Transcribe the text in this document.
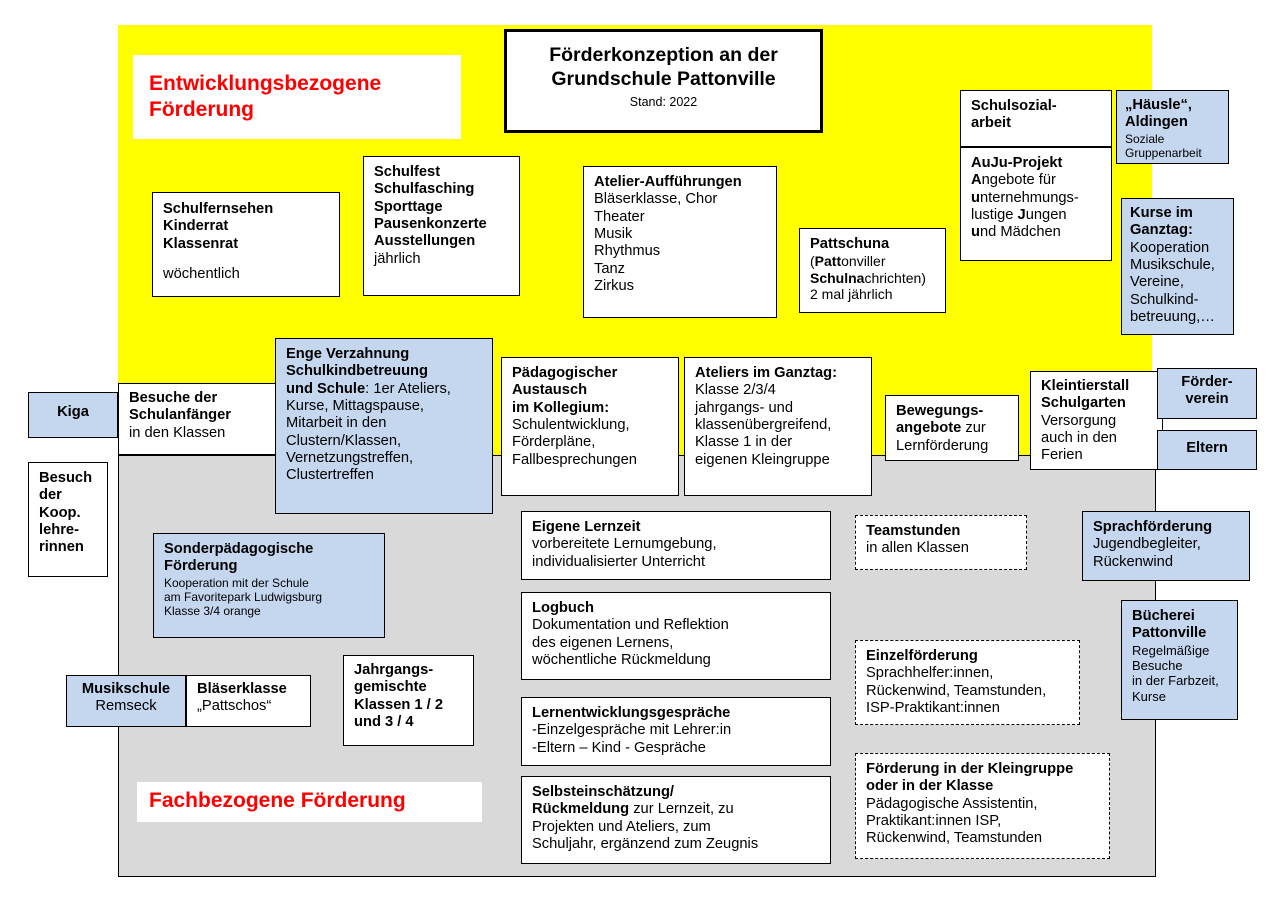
Förderkonzeption an der
Grundschule Pattonville
Stand: 2022
Entwicklungsbezogene
Förderung
Schulfernsehen
Kinderrat
Klassenrat
wöchentlich
Schulfest
Schulfasching
Sporttage
Pausenkonzerte
Ausstellungen
jährlich
Atelier-Aufführungen
Bläserklasse, Chor
Theater
Musik
Rhythmus
Tanz
Zirkus
Pattschuna
(Pattonviller
Schulnachrichten)
2 mal jährlich
Schulsozial-
arbeit
AuJu-Projekt
Angebote für
unternehmungs-
lustige Jungen
und Mädchen
„Häusle“,
Aldingen
Soziale
Gruppenarbeit
Kurse im
Ganztag:
Kooperation
Musikschule,
Vereine,
Schulkind-
betreuung,…
Kiga
Besuche der
Schulanfänger
in den Klassen
Besuch
der
Koop.
lehre-
rinnen
Enge Verzahnung
Schulkindbetreuung
und Schule: 1er Ateliers,
Kurse, Mittagspause,
Mitarbeit in den
Clustern/Klassen,
Vernetzungstreffen,
Clustertreffen
Pädagogischer
Austausch
im Kollegium:
Schulentwicklung,
Förderpläne,
Fallbesprechungen
Ateliers im Ganztag:
Klasse 2/3/4
jahrgangs- und
klassenübergreifend,
Klasse 1 in der
eigenen Kleingruppe
Bewegungs-
angebote zur
Lernförderung
Kleintierstall
Schulgarten
Versorgung
auch in den
Ferien
Förder-
verein
Eltern
Sonderpädagogische
Förderung
Kooperation mit der Schule
am Favoritepark Ludwigsburg
Klasse 3/4 orange
Musikschule
Remseck
Bläserklasse
„Pattschos“
Jahrgangs-
gemischte
Klassen 1 / 2
und 3 / 4
Eigene Lernzeit
vorbereitete Lernumgebung,
individualisierter Unterricht
Logbuch
Dokumentation und Reflektion
des eigenen Lernens,
wöchentliche Rückmeldung
Lernentwicklungsgespräche
-Einzelgespräche mit Lehrer:in
-Eltern – Kind - Gespräche
Selbsteinschätzung/
Rückmeldung zur Lernzeit, zu
Projekten und Ateliers, zum
Schuljahr, ergänzend zum Zeugnis
Teamstunden
in allen Klassen
Einzelförderung
Sprachhelfer:innen,
Rückenwind, Teamstunden,
ISP-Praktikant:innen
Förderung in der Kleingruppe
oder in der Klasse
Pädagogische Assistentin,
Praktikant:innen ISP,
Rückenwind, Teamstunden
Sprachförderung
Jugendbegleiter,
Rückenwind
Bücherei
Pattonville
Regelmäßige
Besuche
in der Farbzeit,
Kurse
Fachbezogene Förderung
